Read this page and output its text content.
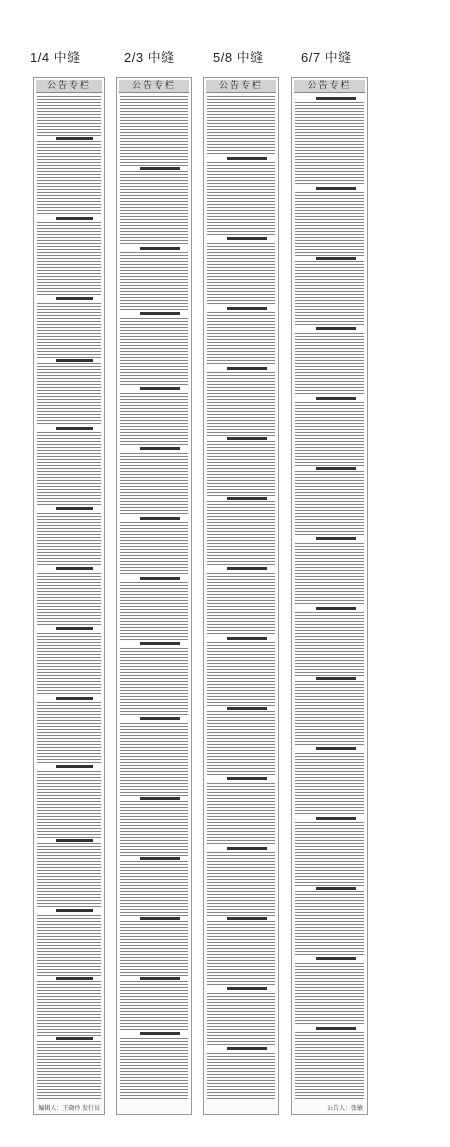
1/4 中缝	2/3 中缝	5/8 中缝	6/7 中缝
公告专栏
编辑人：王晓玲 发行员
公告专栏	公告专栏	公告专栏
公告人：张敏
